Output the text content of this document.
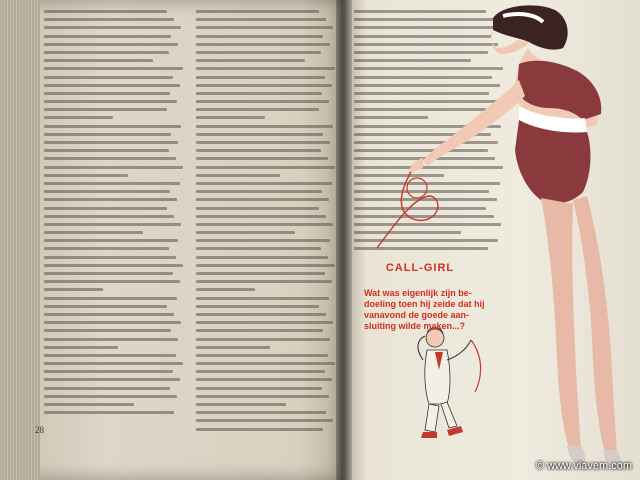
28
CALL-GIRL
Wat was eigenlijk zijn be-doeling toen hij zeide dat hij vanavond de goede aan-sluiting wilde maken...?
© www.vlavem.com
